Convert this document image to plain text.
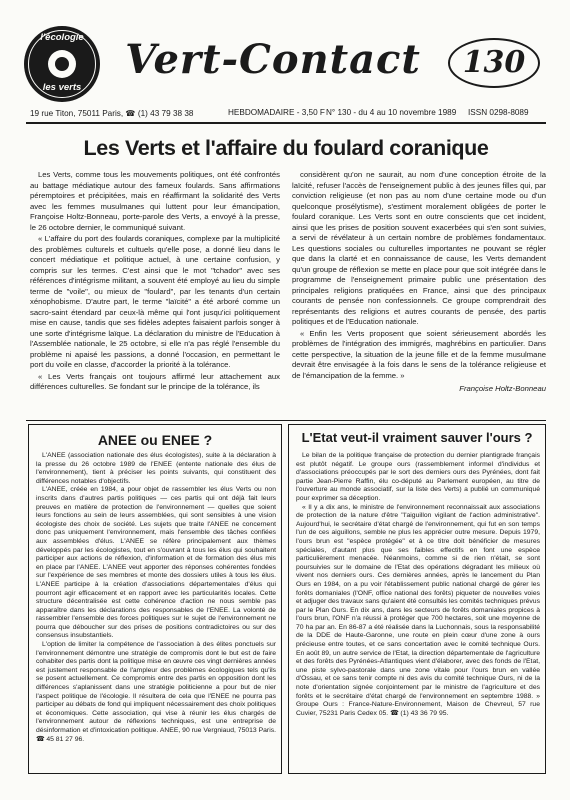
l'écologie
les verts
Vert-Contact	130
19 rue Titon, 75011 Paris, ☎ (1) 43 79 38 38	HEBDOMADAIRE - 3,50 F N° 130 - du 4 au 10 novembre 1989 ISSN 0298-8089
Les Verts et l'affaire du foulard coranique

Les Verts, comme tous les mouvements politiques, ont été confrontés au battage médiatique autour des fameux foulards. Sans affirmations péremptoires et précipitées, mais en réaffirmant la solidarité des Verts avec les femmes musulmanes qui luttent pour leur émancipation, Françoise Holtz-Bonneau, porte-parole des Verts, a envoyé à la presse, le 26 octobre dernier, le communiqué suivant.

« L'affaire du port des foulards coraniques, complexe par la multiplicité des problèmes culturels et cultuels qu'elle pose, a donné lieu dans le concert médiatique et politique actuel, à une certaine confusion, y compris sur les termes. C'est ainsi que le mot "tchador" avec ses références d'intégrisme militant, a souvent été employé au lieu du simple terme de "voile", ou mieux de "foulard", par les tenants d'un certain xénophobisme. D'autre part, le terme "laïcité" a été arboré comme un sacro-saint étendard par ceux-là même qui l'ont jusqu'ici politiquement mise en cause, tandis que ses fidèles adeptes faisaient parfois songer à une sorte d'intégrisme laïque. La déclaration du ministre de l'Education à l'Assemblée nationale, le 25 octobre, si elle n'a pas réglé l'ensemble du problème ni apaisé les passions, a donné l'occasion, en permettant le port du voile en classe, d'accorder la priorité à la tolérance.

« Les Verts français ont toujours affirmé leur attachement aux différences culturelles. Se fondant sur le principe de la tolérance, ils

considèrent qu'on ne saurait, au nom d'une conception étroite de la laïcité, refuser l'accès de l'enseignement public à des jeunes filles qui, par conviction religieuse (et non pas au nom d'une certaine mode ou d'un quelconque prosélytisme), s'estiment moralement obligées de porter le foulard coranique. Les Verts sont en outre conscients que cet incident, ainsi que les prises de position souvent exacerbées qui s'en sont suivies, a servi de révélateur à un certain nombre de problèmes fondamentaux. Les questions sociales ou culturelles importantes ne pouvant se régler que dans la clarté et en connaissance de cause, les Verts demandent qu'un groupe de réflexion se mette en place pour que soit intégrée dans le programme de l'enseignement primaire public une présentation des principales religions pratiquées en France, ainsi que des principaux courants de pensée non confessionnels. Ce groupe comprendrait des représentants des religions et autres courants de pensée, des partis politiques et de l'Education nationale.

« Enfin les Verts proposent que soient sérieusement abordés les problèmes de l'intégration des immigrés, maghrébins en particulier. Dans cette perspective, la situation de la jeune fille et de la femme musulmane devrait être envisagée à la fois dans le sens de la tolérance religieuse et de l'émancipation de la femme. »

Françoise Holtz-Bonneau

ANEE ou ENEE ?	L'Etat veut-il vraiment sauver l'ours ?

L'ANEE (association nationale des élus écologistes), suite à la déclaration à la presse du 26 octobre 1989 de l'ENEE (entente nationale des élus de l'environnement), tient à préciser les points suivants, qui constituent des différences notables d'objectifs.

L'ANEE, créée en 1984, a pour objet de rassembler les élus Verts ou non inscrits dans d'autres partis politiques — ces partis qui ont déjà fait leurs preuves en matière de protection de l'environnement — quelles que soient leurs fonctions au sein de leurs assemblées, qui sont sensibles à une vision écologiste des choix de société. Les sujets que traite l'ANEE ne concernent donc pas uniquement l'environnement, mais l'ensemble des tâches confiées aux assemblées d'élus. L'ANEE se réfère principalement aux thèmes développés par les écologistes, tout en s'ouvrant à tous les élus qui souhaitent participer aux actions de réflexion, d'information et de formation des élus mis en place par l'ANEE. L'ANEE veut apporter des réponses cohérentes fondées sur l'expérience de ses membres et monte des dossiers utiles à tous les élus. L'ANEE participe à la création d'associations départementales d'élus qui pourront agir efficacement et en rapport avec les particularités locales. Cette structure décentralisée est cette cohérence d'action ne nous semble pas apparaître dans les déclarations des responsables de l'ENEE. La volonté de rassembler l'ensemble des forces politiques sur le sujet de l'environnement ne pourra que déboucher sur des prises de positions contradictoires ou sur des consensus insubstantiels.

L'option de limiter la compétence de l'association à des élites ponctuels sur l'environnement démontre une stratégie de compromis dont le but est de faire cohabiter des partis dont la politique mise en œuvre ces vingt dernières années est justement responsable de l'ampleur des problèmes écologiques tels qu'ils se posent actuellement. Ce compromis entre des partis en opposition dont les différences s'aplanissent dans une stratégie politicienne a pour but de nier l'aspect politique de l'écologie. Il résultera de cela que l'ENEE ne pourra pas participer au débats de fond qui impliquent nécessairement des choix politiques et économiques. Cette association, qui vise à réunir les élus chargés de l'environnement autour de réflexions techniques, est une entreprise de désinformation et d'intoxication politique. ANEE, 90 rue Vergniaud, 75013 Paris. ☎ 45 81 27 96.

Le bilan de la politique française de protection du dernier plantigrade français est plutôt négatif. Le groupe ours (rassemblement informel d'individus et d'associations préoccupés par le sort des derniers ours des Pyrénées, dont fait partie Jean-Pierre Raffin, élu co-député au Parlement européen, au titre de l'ouverture au monde associatif, sur la liste des Verts) a publié un communiqué pour exprimer sa déception.

« Il y a dix ans, le ministre de l'environnement reconnaissait aux associations de protection de la nature d'être "l'aiguillon vigilant de l'action administrative". Aujourd'hui, le secrétaire d'état chargé de l'environnement, qui fut en son temps l'un de ces aiguillons, semble ne plus les apprécier outre mesure. Depuis 1979, l'ours brun est "espèce protégée" et à ce titre doit bénéficier de mesures spéciales, d'autant plus que ses faibles effectifs en font une espèce particulièrement menacée. Néanmoins, comme si de rien n'était, se sont poursuivies sur le domaine de l'Etat des opérations dégradant les milieux où vivent nos derniers ours. Ces dernières années, après le lancement du Plan Ours en 1984, on a pu voir l'établissement public national chargé de gérer les forêts domaniales (l'ONF, office national des forêts) piqueter de nouvelles voies et adjuger des travaux sans qu'aient été consultés les comités techniques prévus par le Plan Ours. En dix ans, dans les secteurs de forêts domaniales propices à l'ours brun, l'ONF n'a réussi à protéger que 700 hectares, soit une moyenne de 70 ha par an. En 86-87 a été réalisée dans la Luchonnais, sous la responsabilité de la DDE de Haute-Garonne, une route en plein cœur d'une zone à ours précieuse entre toutes, et ce sans concertation avec le comité technique Ours. En août 89, un autre service de l'Etat, la direction départementale de l'agriculture et des forêts des Pyrénées-Atlantiques vient d'élaborer, avec des fonds de l'Etat, une piste sylvo-pastorale dans une zone vitale pour l'ours brun en vallée d'Ossau, et ce sans tenir compte ni des avis du comité technique Ours, ni de la note d'orientation signée conjointement par le ministre de l'agriculture et des forêts et le secrétaire d'état chargé de l'environnement en septembre 1988. » Groupe Ours : France-Nature-Environnement, Maison de Chevreul, 57 rue Cuvier, 75231 Paris Cedex 05. ☎ (1) 43 36 79 95.
